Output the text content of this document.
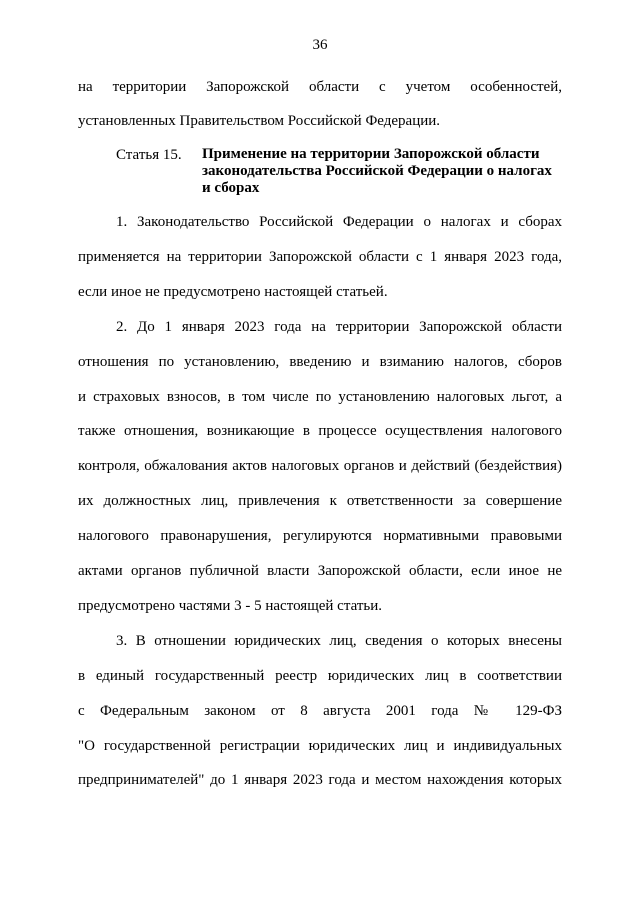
36
на территории Запорожской области с учетом особенностей,
установленных Правительством Российской Федерации.
Статья 15. Применение на территории Запорожской области
законодательства Российской Федерации о налогах
и сборах
1. Законодательство Российской Федерации о налогах и сборах
применяется на территории Запорожской области с 1 января 2023 года,
если иное не предусмотрено настоящей статьей.
2. До 1 января 2023 года на территории Запорожской области
отношения по установлению, введению и взиманию налогов, сборов
и страховых взносов, в том числе по установлению налоговых льгот, а
также отношения, возникающие в процессе осуществления налогового
контроля, обжалования актов налоговых органов и действий (бездействия)
их должностных лиц, привлечения к ответственности за совершение
налогового правонарушения, регулируются нормативными правовыми
актами органов публичной власти Запорожской области, если иное не
предусмотрено частями 3 - 5 настоящей статьи.
3. В отношении юридических лиц, сведения о которых внесены
в единый государственный реестр юридических лиц в соответствии
с Федеральным законом от 8 августа 2001 года № 129-ФЗ
"О государственной регистрации юридических лиц и индивидуальных
предпринимателей" до 1 января 2023 года и местом нахождения которых
